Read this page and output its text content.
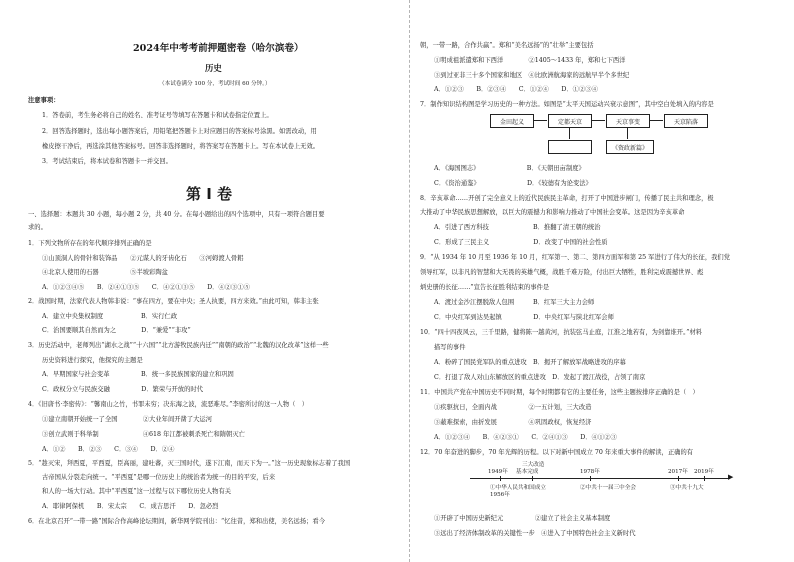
2024年中考考前押题密卷（哈尔滨卷）
历史
（本试卷满分 100 分，考试时间 60 分钟。）
注意事项：
1．答卷前，考生务必将自己的姓名、准考证号等填写在答题卡和试卷指定位置上。
2．回答选择题时，选出每小题答案后，用铅笔把答题卡上对应题目的答案标号涂黑。如需改动，用
橡皮擦干净后，再选涂其他答案标号。回答非选择题时，将答案写在答题卡上。写在本试卷上无效。
3．考试结束后，将本试卷和答题卡一并交回。
第 I 卷
一、选择题：本题共 30 小题，每小题 2 分，共 40 分。在每小题给出的四个选项中，只有一项符合题目要
求的。
1．下列文物所存在的年代顺序排列正确的是
①山顶洞人的骨针和装饰品　　②元谋人的牙齿化石　　③河姆渡人骨耜
④北京人使用的石器　　　　　⑤半坡彩陶盆
A．①②③④⑤　　B．②④①③⑤　　C．④②①③⑤　　D．④②③①⑤
2．战国时期，法家代表人物韩非说：“事在四方，要在中央；圣人执要，四方来效。”由此可知，韩非主张
A．建立中央集权制度　　　　　　B．实行仁政
C．治国要顺其自然而为之　　　　D．“兼爱”“非攻”
3．历史活动中，老师列出“湖水之战”“十六国”“北方游牧民族内迁”“南朝的政治”“北魏的汉化改革”这样一些
历史资料进行探究，他探究的主题是
A．早期国家与社会变革　　　　　B．统一多民族国家的建立和巩固
C．政权分立与民族交融　　　　　D．繁荣与开放的时代
4．《旧唐书·李密传》：“馨南山之竹，书罪未穷；决东海之波，流恶难尽。”李密所讨的这一人物（　）
①建立南朝开始统一了全国　　　　②大业年间开凿了大运河
③创立武则于科举制　　　　　　　④618 年江都被刺杀死亡和隋朝灭亡
A．①②　　B．②③　　C．③④　　D．②④
5．“趁灭宋，拜西夏，平西夏，臣高丽，建吐蕃，灭三国时代，遂下江南，而天下为一。”这一历史现象标志着了我国
古帝国从分裂走向统一。“平西夏”是哪一位历史上的统治者为统一的目的平安，后来
和人的一场大行动。其中“平西夏”这一过程与以下哪位历史人物有关
A．耶律阿保机　　B．宋太宗　　C．成吉思汗　　D．忽必烈
6．在北京召开“一带一路”国际合作高峰论坛期间，新华网学院刊出：“忆往昔，郑和出使，美名远扬；看今
朝，一带一路，合作共赢”。郑和“美名远扬”的“壮举”主要包括
①明成祖派遣郑和下西洋　　　　②1405～1433 年，郑和七下西洋
③到过亚非三十多个国家和地区　④比欧洲航海家的远航早半个多世纪
A．①②③　　B．②③④　　C．①②④　　D．①②③④
7．制作知识结构图是学习历史的一种方法。如图是“太平天国运动兴衰示意图”，其中空白处填入的内容是
金田起义	定都天京	天京事变	天京陷落
《资政新篇》
A．《海国图志》　　　　　　　　B．《天朝田亩制度》
C．《资治通鉴》　　　　　　　　D．《较德有为论变法》
8．辛亥革命……开创了完全意义上的近代民族民主革命，打开了中国进步闸门，传播了民主共和理念，极
大推动了中华民族思想解放，以巨大的震撼力和影响力推动了中国社会变革。这是因为辛亥革命
A．引进了西方科技　　　　　　　B．推翻了清王朝的统治
C．形成了三民主义　　　　　　　D．改变了中国的社会性质
9．“从 1934 年 10 月至 1936 年 10 月，红军第一、第二、第四方面军和第 25 军进行了伟大的长征，我们党
领导红军，以非凡的智慧和大无畏的英雄气概，战胜千难万险，付出巨大牺牲，胜利完成震撼世界、彪
炳史册的长征……”宣告长征胜利结束的事件是
A．渡过金沙江摆脱敌人包围　　　B．红军三大主力会师
C．中央红军到达吴起镇　　　　　D．中央红军与陕北红军会师
10．“四十四夜风云，三千里路，健将陈一越黄河，抗装弦马止庭，江淮之地若有，为剑靠谁开。”材料
描写的事件
A．粉碎了国民党军队的重点进攻　B．揭开了解放军战略进攻的序幕
C．打退了敌人对山东解放区的重点进攻　D．发起了渡江战役，占领了南京
11．中国共产党在中国历史不同时期，每个时期都有它的主要任务，这些主题按排序正确的是（　）
①疾驱抗日，全面内战　　　　　②一五计划，三大改造
③蔽难探索，由折发展　　　　　④巩固政权，恢复经济
A．①②③④　　B．④②③①　　C．②④①③　　D．④①②③
12．70 年奋进的脚步，70 年光辉的历程。以下对新中国成立 70 年来重大事件的解读，正确的有
三大改造
基本完成
1949年	1978年	2017年 2019年
▶
①中华人民共和国成立
1956年
②中共十一届三中全会	③中共十九大
①开辟了中国历史新纪元　　　　　②建立了社会主义基本制度
③远出了经济体制改革的关键性一步　④进入了中国特色社会主义新时代
